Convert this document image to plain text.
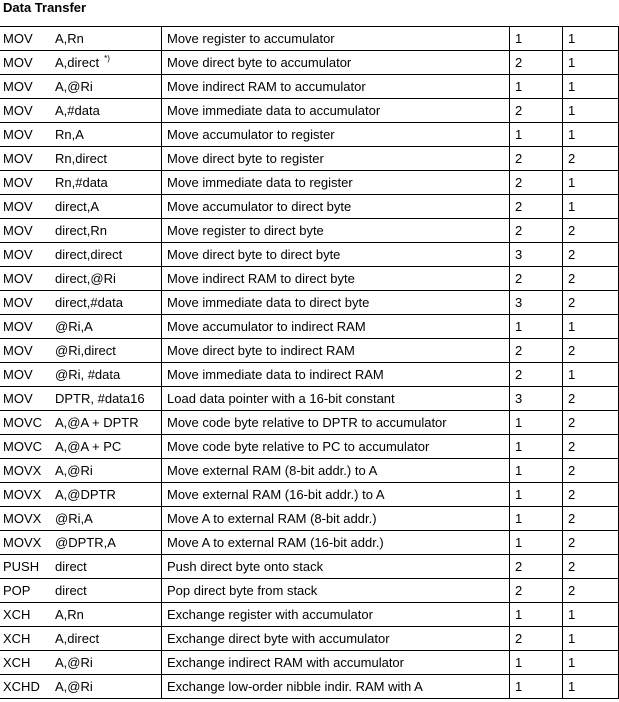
Data Transfer
MOV	A,Rn	Move register to accumulator	1	1
MOV	A,direct *)	Move direct byte to accumulator	2	1
MOV	A,@Ri	Move indirect RAM to accumulator	1	1
MOV	A,#data	Move immediate data to accumulator	2	1
MOV	Rn,A	Move accumulator to register	1	1
MOV	Rn,direct	Move direct byte to register	2	2
MOV	Rn,#data	Move immediate data to register	2	1
MOV	direct,A	Move accumulator to direct byte	2	1
MOV	direct,Rn	Move register to direct byte	2	2
MOV	direct,direct	Move direct byte to direct byte	3	2
MOV	direct,@Ri	Move indirect RAM to direct byte	2	2
MOV	direct,#data	Move immediate data to direct byte	3	2
MOV	@Ri,A	Move accumulator to indirect RAM	1	1
MOV	@Ri,direct	Move direct byte to indirect RAM	2	2
MOV	@Ri, #data	Move immediate data to indirect RAM	2	1
MOV	DPTR, #data16	Load data pointer with a 16-bit constant	3	2
MOVC	A,@A + DPTR	Move code byte relative to DPTR to accumulator	1	2
MOVC	A,@A + PC	Move code byte relative to PC to accumulator	1	2
MOVX	A,@Ri	Move external RAM (8-bit addr.) to A	1	2
MOVX	A,@DPTR	Move external RAM (16-bit addr.) to A	1	2
MOVX	@Ri,A	Move A to external RAM (8-bit addr.)	1	2
MOVX	@DPTR,A	Move A to external RAM (16-bit addr.)	1	2
PUSH	direct	Push direct byte onto stack	2	2
POP	direct	Pop direct byte from stack	2	2
XCH	A,Rn	Exchange register with accumulator	1	1
XCH	A,direct	Exchange direct byte with accumulator	2	1
XCH	A,@Ri	Exchange indirect RAM with accumulator	1	1
XCHD	A,@Ri	Exchange low-order nibble indir. RAM with A	1	1
